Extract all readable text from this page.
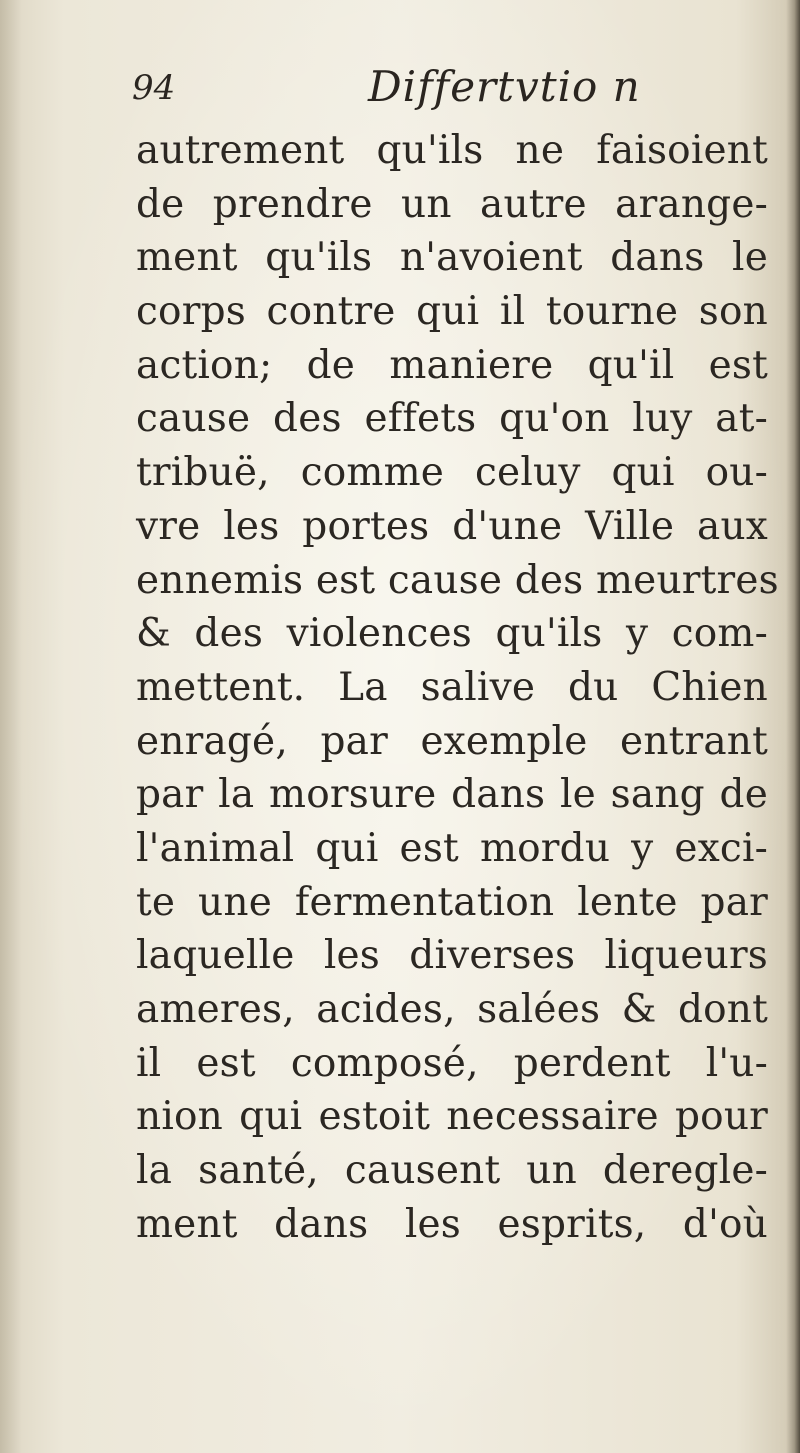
94	Differtvtio n
autrement qu'ils ne faisoient
de prendre un autre arange-
ment qu'ils n'avoient dans le
corps contre qui il tourne son
action; de maniere qu'il est
cause des effets qu'on luy at-
tribuë, comme celuy qui ou-
vre les portes d'une Ville aux
ennemis est cause des meurtres
& des violences qu'ils y com-
mettent. La salive du Chien
enragé, par exemple entrant
par la morsure dans le sang de
l'animal qui est mordu y exci-
te une fermentation lente par
laquelle les diverses liqueurs
ameres, acides, salées & dont
il est composé, perdent l'u-
nion qui estoit necessaire pour
la santé, causent un deregle-
ment dans les esprits, d'où
